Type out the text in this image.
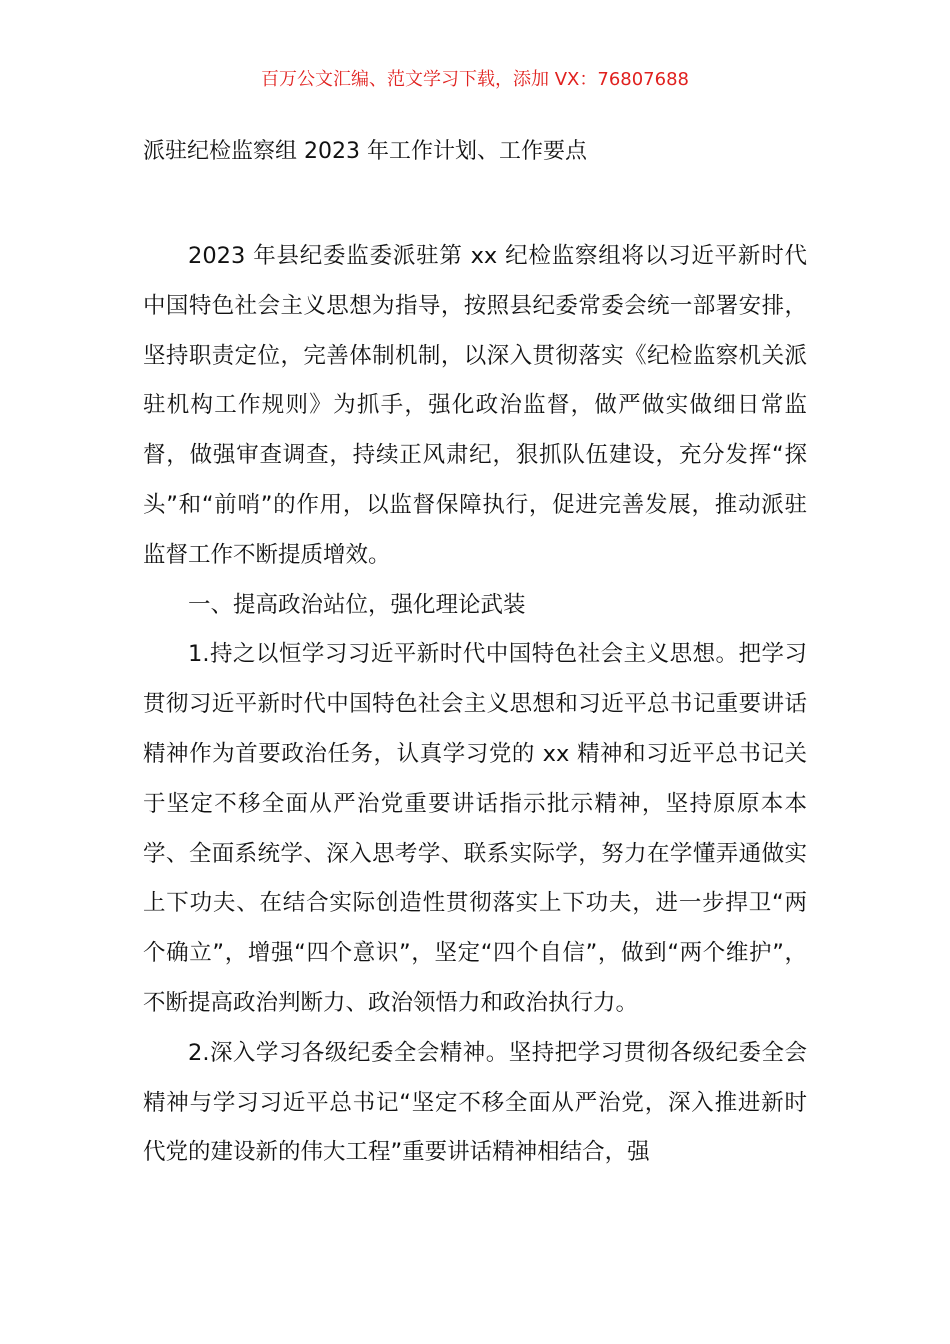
百万公文汇编、范文学习下载，添加 VX：76807688
派驻纪检监察组 2023 年工作计划、工作要点

2023 年县纪委监委派驻第 xx 纪检监察组将以习近平新时代中国特色社会主义思想为指导，按照县纪委常委会统一部署安排，坚持职责定位，完善体制机制，以深入贯彻落实《纪检监察机关派驻机构工作规则》为抓手，强化政治监督，做严做实做细日常监督，做强审查调查，持续正风肃纪，狠抓队伍建设，充分发挥“探头”和“前哨”的作用，以监督保障执行，促进完善发展，推动派驻监督工作不断提质增效。

一、提高政治站位，强化理论武装

1.持之以恒学习习近平新时代中国特色社会主义思想。把学习贯彻习近平新时代中国特色社会主义思想和习近平总书记重要讲话精神作为首要政治任务，认真学习党的 xx 精神和习近平总书记关于坚定不移全面从严治党重要讲话指示批示精神，坚持原原本本学、全面系统学、深入思考学、联系实际学，努力在学懂弄通做实上下功夫、在结合实际创造性贯彻落实上下功夫，进一步捍卫“两个确立”，增强“四个意识”，坚定“四个自信”，做到“两个维护”，不断提高政治判断力、政治领悟力和政治执行力。

2.深入学习各级纪委全会精神。坚持把学习贯彻各级纪委全会精神与学习习近平总书记“坚定不移全面从严治党，深入推进新时代党的建设新的伟大工程”重要讲话精神相结合，强
